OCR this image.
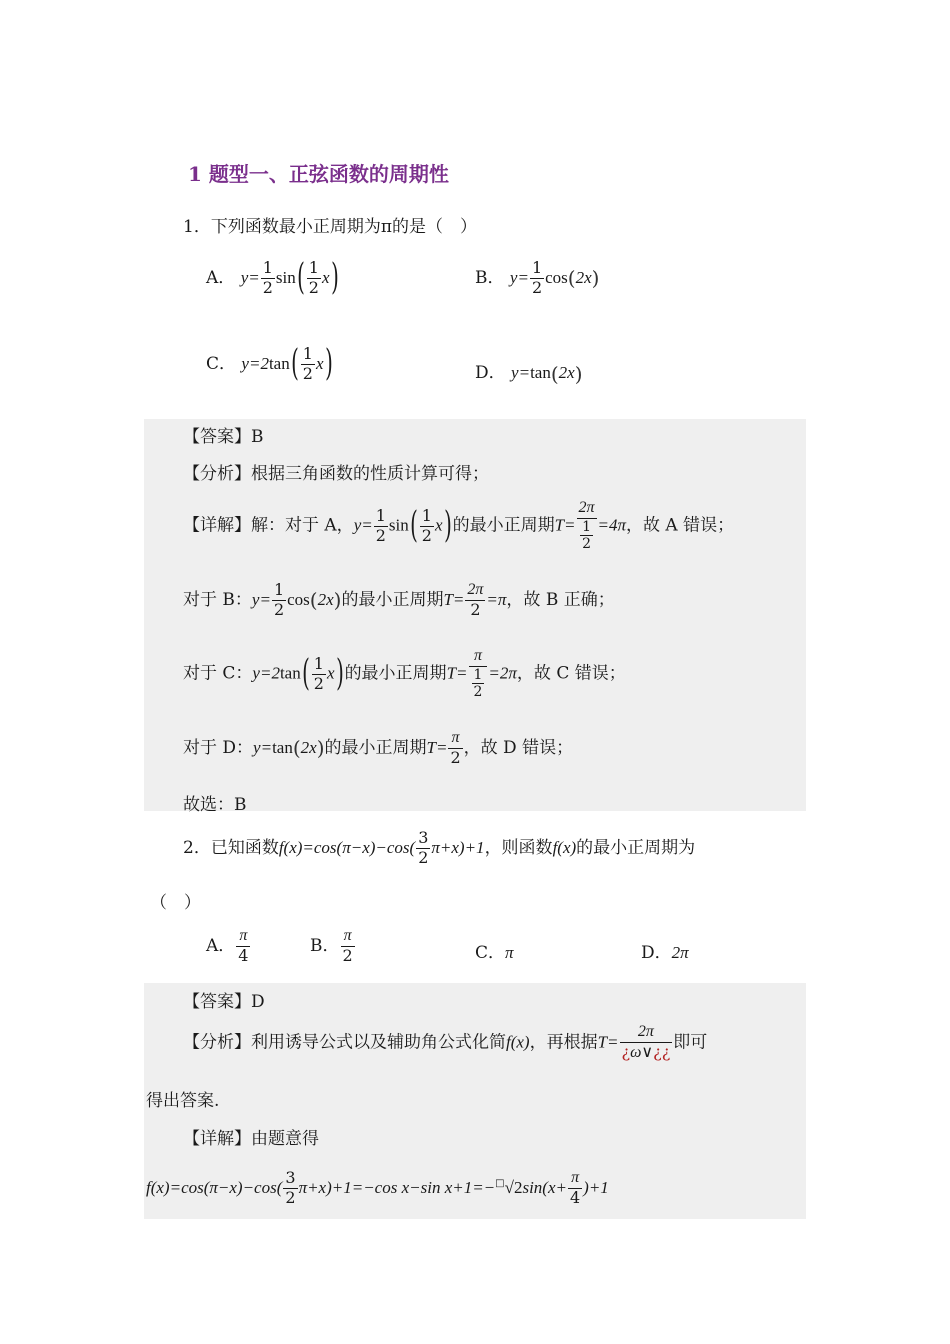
1 题型一、正弦函数的周期性
1．下列函数最小正周期为π的是（　）
A． $y= \frac{1}{2} \sin( \frac{1}{2} x)$	B． $y= \frac{1}{2} \cos(2x)$
C． $y=2\tan( \frac{1}{2} x)$	D． y=tan(2x)
【答案】B
【分析】根据三角函数的性质计算可得；
【详解】解：对于 A，$y= \frac{1}{2} \sin( \frac{1}{2} x)$的最小正周期$T= \frac{2\pi}{\frac{1}{2}} =4\pi$，故 A 错误；
对于 B：$y= \frac{1}{2} \cos(2x)$的最小正周期$T= \frac{2\pi}{2} =\pi$，故 B 正确；
对于 C：$y=2\tan( \frac{1}{2} x)$的最小正周期$T= \frac{\pi}{\frac{1}{2}} =2\pi$，故 C 错误；
对于 D：y=tan(2x)的最小正周期$T= \frac{\pi}{2}$ ，故 D 错误；
故选：B
2．已知函数$f(x)=\cos(\pi-x)-\cos( \frac{3}{2} \pi+x)+1$，则函数f(x)的最小正周期为
（　）
A． $\frac{\pi}{4}$	B． $\frac{\pi}{2}$	C．π	D．2π
【答案】D
【分析】利用诱导公式以及辅助角公式化简f(x)，再根据$T= \frac{2\pi}{¿\omega\vee¿¿}$ 即可
得出答案.
【详解】由题意得
$f(x)=\cos(\pi-x)-\cos( \frac{3}{2} \pi+x)+1=-\cos$ x−sin $x+1=-^□√2\sin(x+ \frac{\pi}{4} )+1$
